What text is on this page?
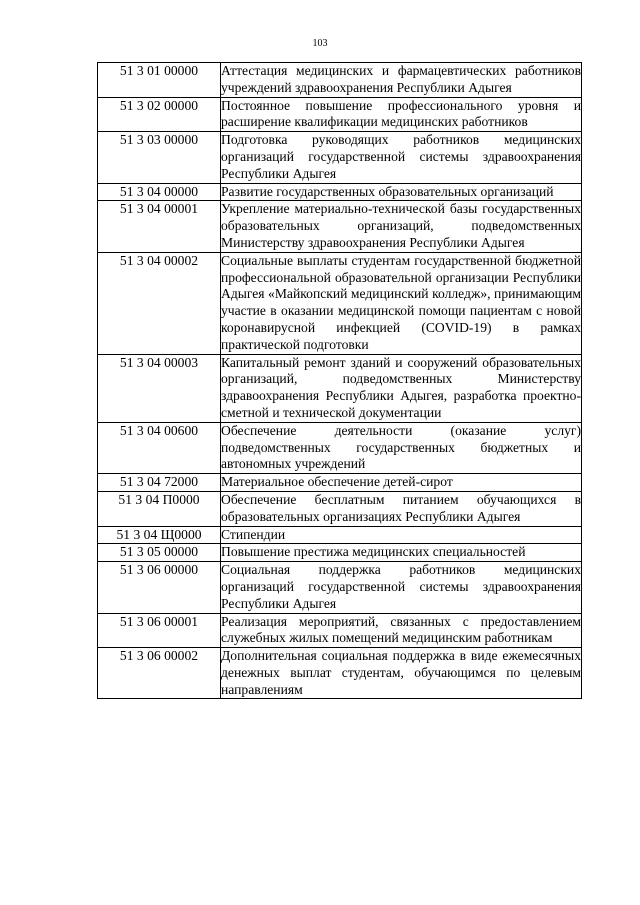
103
51 3 01 00000	Аттестация медицинских и фармацевтических работников учреждений здравоохранения Республики Адыгея
51 3 02 00000	Постоянное повышение профессионального уровня и расширение квалификации медицинских работников
51 3 03 00000	Подготовка руководящих работников медицинских организаций государственной системы здравоохранения Республики Адыгея
51 3 04 00000	Развитие государственных образовательных организаций
51 3 04 00001	Укрепление материально-технической базы государственных образовательных организаций, подведомственных Министерству здравоохранения Республики Адыгея
51 3 04 00002	Социальные выплаты студентам государственной бюджетной профессиональной образовательной организации Республики Адыгея «Майкопский медицинский колледж», принимающим участие в оказании медицинской помощи пациентам с новой коронавирусной инфекцией (COVID-19) в рамках практической подготовки
51 3 04 00003	Капитальный ремонт зданий и сооружений образовательных организаций, подведомственных Министерству здравоохранения Республики Адыгея, разработка проектно-сметной и технической документации
51 3 04 00600	Обеспечение деятельности (оказание услуг) подведомственных государственных бюджетных и автономных учреждений
51 3 04 72000	Материальное обеспечение детей-сирот
51 3 04 П0000	Обеспечение бесплатным питанием обучающихся в образовательных организациях Республики Адыгея
51 3 04 Щ0000	Стипендии
51 3 05 00000	Повышение престижа медицинских специальностей
51 3 06 00000	Социальная поддержка работников медицинских организаций государственной системы здравоохранения Республики Адыгея
51 3 06 00001	Реализация мероприятий, связанных с предоставлением служебных жилых помещений медицинским работникам
51 3 06 00002	Дополнительная социальная поддержка в виде ежемесячных денежных выплат студентам, обучающимся по целевым направлениям
